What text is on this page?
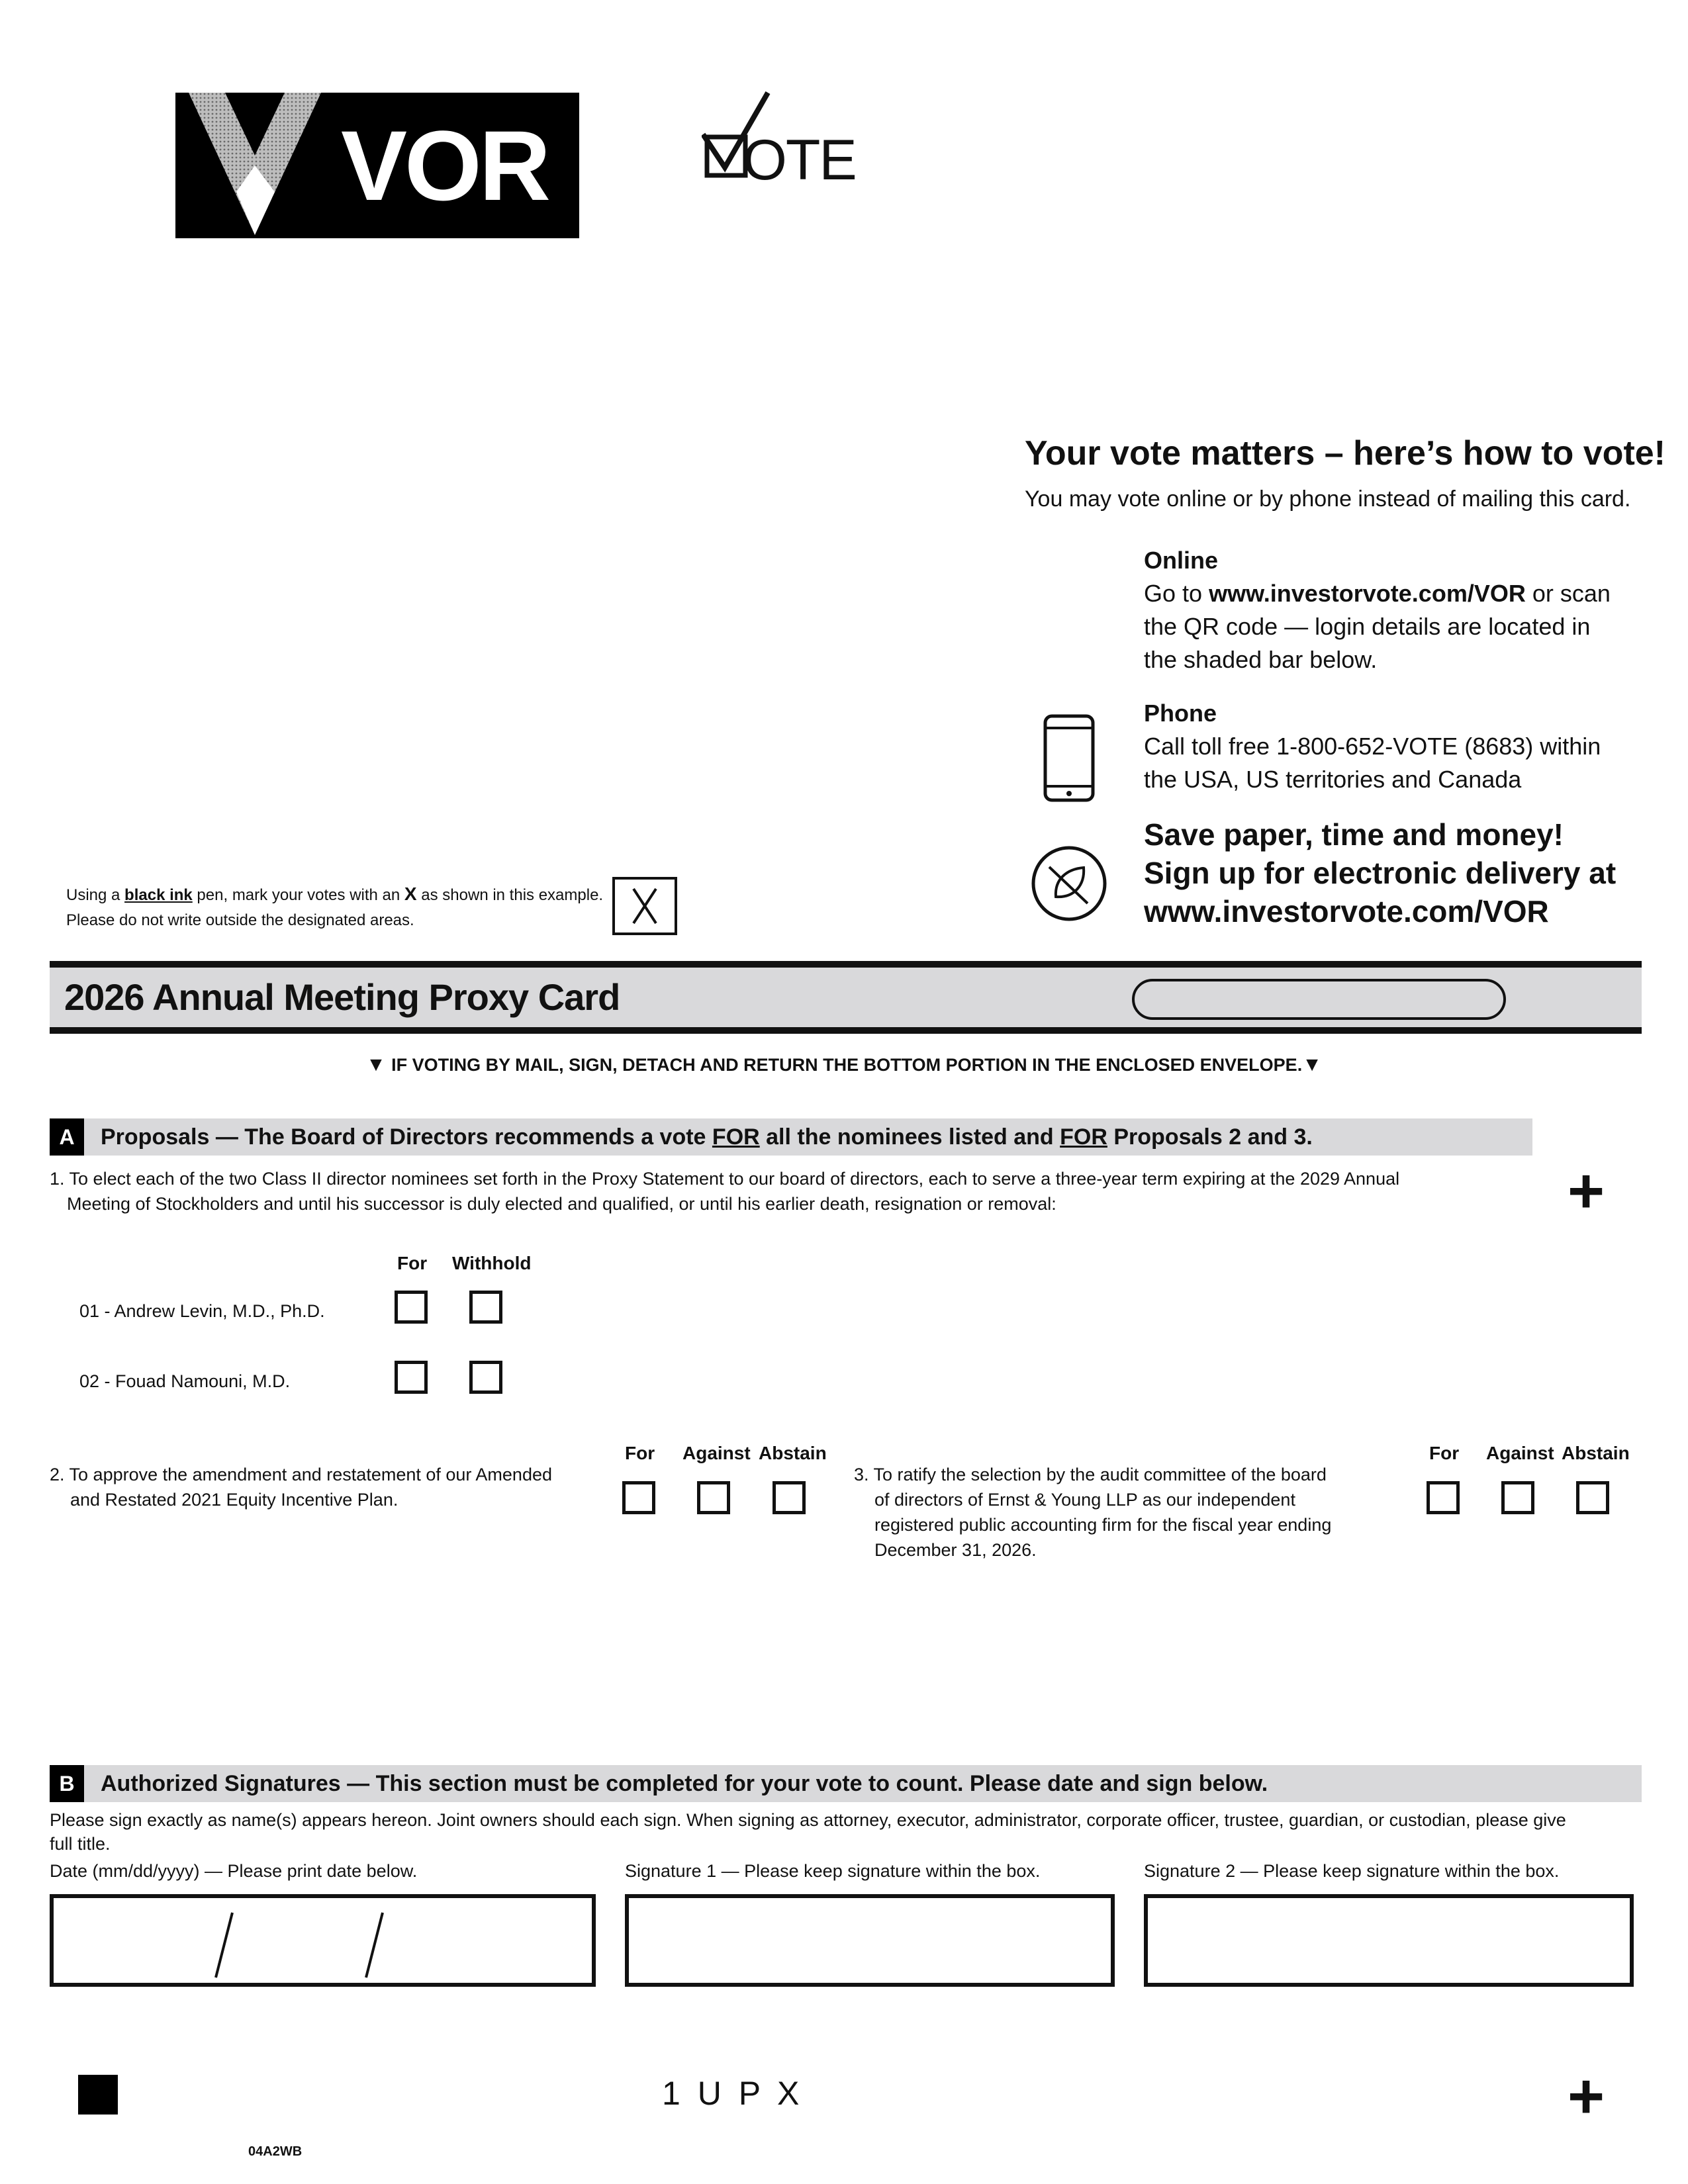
VOR	OTE
Your vote matters – here’s how to vote!
You may vote online or by phone instead of mailing this card.
Online
Go to www.investorvote.com/VOR or scan
the QR code — login details are located in
the shaded bar below.
Phone
Call toll free 1-800-652-VOTE (8683) within
the USA, US territories and Canada
Save paper, time and money!
Sign up for electronic delivery at
www.investorvote.com/VOR
Using a black ink pen, mark your votes with an X as shown in this example.
Please do not write outside the designated areas.
2026 Annual Meeting Proxy Card
▼ IF VOTING BY MAIL, SIGN, DETACH AND RETURN THE BOTTOM PORTION IN THE ENCLOSED ENVELOPE.▼
A	Proposals — The Board of Directors recommends a vote FOR all the nominees listed and FOR Proposals 2 and 3.
+
1. To elect each of the two Class II director nominees set forth in the Proxy Statement to our board of directors, each to serve a three-year term expiring at the 2029 Annual
Meeting of Stockholders and until his successor is duly elected and qualified, or until his earlier death, resignation or removal:
For Withhold
01 - Andrew Levin, M.D., Ph.D.
02 - Fouad Namouni, M.D.
2. To approve the amendment and restatement of our Amended
and Restated 2021 Equity Incentive Plan.
For Against Abstain
3. To ratify the selection by the audit committee of the board
of directors of Ernst & Young LLP as our independent
registered public accounting firm for the fiscal year ending
December 31, 2026.
For Against Abstain
B	Authorized Signatures — This section must be completed for your vote to count. Please date and sign below.
Please sign exactly as name(s) appears hereon. Joint owners should each sign. When signing as attorney, executor, administrator, corporate officer, trustee, guardian, or custodian, please give
full title.
Date (mm/dd/yyyy) — Please print date below.	Signature 1 — Please keep signature within the box.	Signature 2 — Please keep signature within the box.
1 U P X	+
04A2WB
